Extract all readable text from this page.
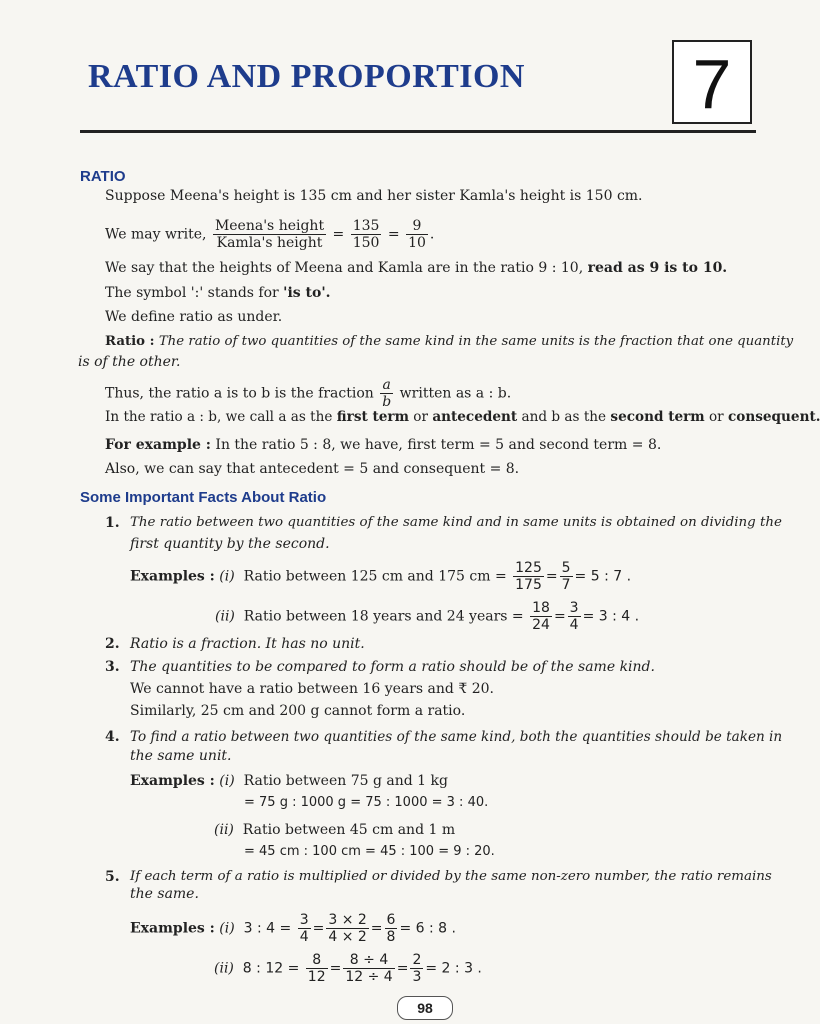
RATIO AND PROPORTION 7
RATIO
Suppose Meena's height is 135 cm and her sister Kamla's height is 150 cm.
We may write, $\frac{\text{Meena's height}}{\text{Kamla's height}} = \frac{135}{150} = \frac{9}{10}$ .
We say that the heights of Meena and Kamla are in the ratio 9 : 10, read as 9 is to 10.
The symbol ':' stands for 'is to'.
We define ratio as under.
Ratio : The ratio of two quantities of the same kind in the same units is the fraction that one quantity
is of the other.
Thus, the ratio a is to b is the fraction $\frac{a}{b}$ written as a : b.
In the ratio a : b, we call a as the first term or antecedent and b as the second term or consequent.
For example : In the ratio 5 : 8, we have, first term = 5 and second term = 8.
Also, we can say that antecedent = 5 and consequent = 8.
Some Important Facts About Ratio
1. The ratio between two quantities of the same kind and in same units is obtained on dividing the
first quantity by the second.
Examples : (i) Ratio between 125 cm and 175 cm = $\frac{125}{175} = \frac{5}{7} = 5$ : 7 .
(ii) Ratio between 18 years and 24 years = $\frac{18}{24} = \frac{3}{4} = 3$ : 4 .
2. Ratio is a fraction. It has no unit.
3. The quantities to be compared to form a ratio should be of the same kind.
We cannot have a ratio between 16 years and ₹ 20.
Similarly, 25 cm and 200 g cannot form a ratio.
4. To find a ratio between two quantities of the same kind, both the quantities should be taken in
the same unit.
Examples : (i) Ratio between 75 g and 1 kg
= 75 g : 1000 g = 75 : 1000 = 3 : 40.
(ii) Ratio between 45 cm and 1 m
= 45 cm : 100 cm = 45 : 100 = 9 : 20.
5. If each term of a ratio is multiplied or divided by the same non-zero number, the ratio remains
the same.
Examples : (i) 3 : $4 = \frac{3}{4} = \frac{3 \times 2}{4 \times 2} = \frac{6}{8} = 6$ : 8 .
(ii) 8 : $12 = \frac{8}{12} = \frac{8 \div 4}{12 \div 4} = \frac{2}{3} = 2$ : 3 .
98
